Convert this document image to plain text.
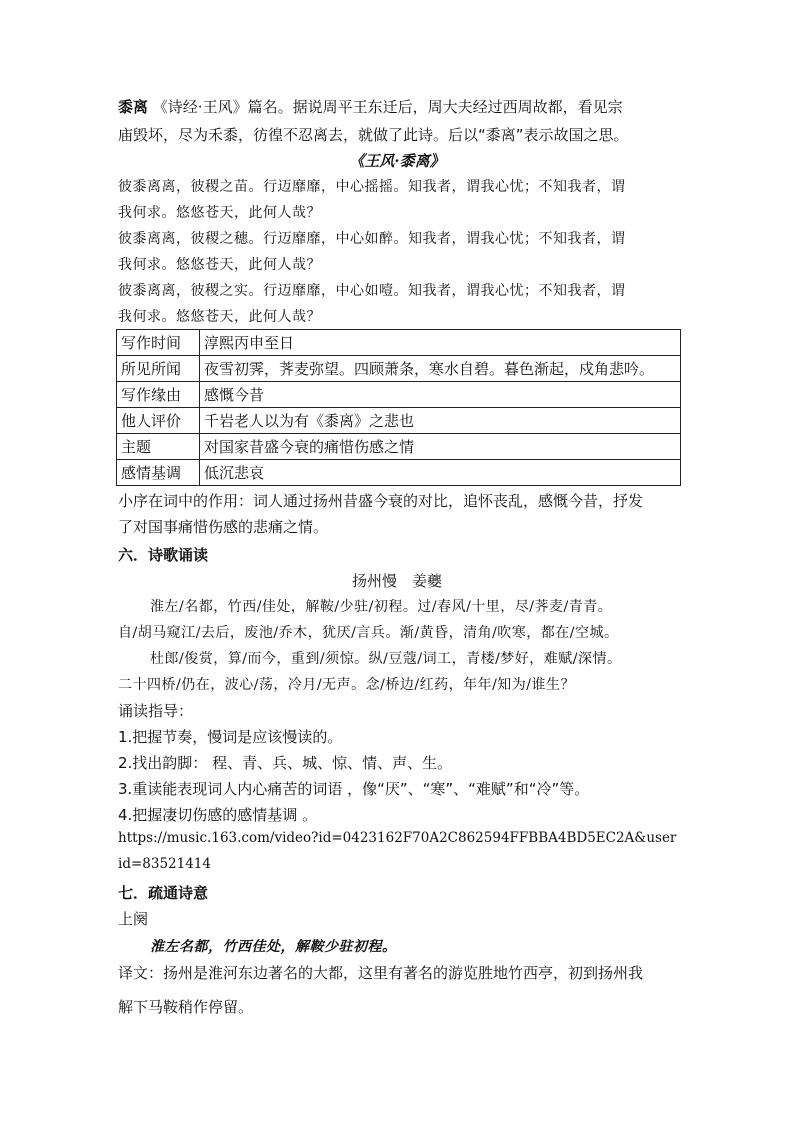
黍离 《诗经·王风》篇名。据说周平王东迁后，周大夫经过西周故都，看见宗
庙毁坏，尽为禾黍，彷徨不忍离去，就做了此诗。后以“黍离”表示故国之思。
《王风·黍离》
彼黍离离，彼稷之苗。行迈靡靡，中心摇摇。知我者，谓我心忧；不知我者，谓
我何求。悠悠苍天，此何人哉？
彼黍离离，彼稷之穗。行迈靡靡，中心如醉。知我者，谓我心忧；不知我者，谓
我何求。悠悠苍天，此何人哉？
彼黍离离，彼稷之实。行迈靡靡，中心如噎。知我者，谓我心忧；不知我者，谓
我何求。悠悠苍天，此何人哉？
写作时间	淳熙丙申至日
所见所闻	夜雪初霁，荠麦弥望。四顾萧条，寒水自碧。暮色渐起，戍角悲吟。
写作缘由	感慨今昔
他人评价	千岩老人以为有《黍离》之悲也
主题	对国家昔盛今衰的痛惜伤感之情
感情基调	低沉悲哀
小序在词中的作用：词人通过扬州昔盛今衰的对比，追怀丧乱，感慨今昔，抒发
了对国事痛惜伤感的悲痛之情。
六．诗歌诵读
扬州慢　姜夔
淮左/名都，竹西/佳处，解鞍/少驻/初程。过/春风/十里，尽/荠麦/青青。
自/胡马窥江/去后，废池/乔木，犹厌/言兵。渐/黄昏，清角/吹寒，都在/空城。
杜郎/俊赏，算/而今，重到/须惊。纵/豆蔻/词工，青楼/梦好，难赋/深情。
二十四桥/仍在，波心/荡，冷月/无声。念/桥边/红药，年年/知为/谁生？
诵读指导：
1.把握节奏，慢词是应该慢读的。
2.找出韵脚： 程、青、兵、城、惊、情、声、生。
3.重读能表现词人内心痛苦的词语 ，像“厌”、“寒”、“难赋”和“冷”等。
4.把握凄切伤感的感情基调 。
https://music.163.com/video?id=0423162F70A2C862594FFBBA4BD5EC2A&user
id=83521414
七．疏通诗意
上阕
淮左名都，竹西佳处，解鞍少驻初程。
译文：扬州是淮河东边著名的大都，这里有著名的游览胜地竹西亭，初到扬州我
解下马鞍稍作停留。
